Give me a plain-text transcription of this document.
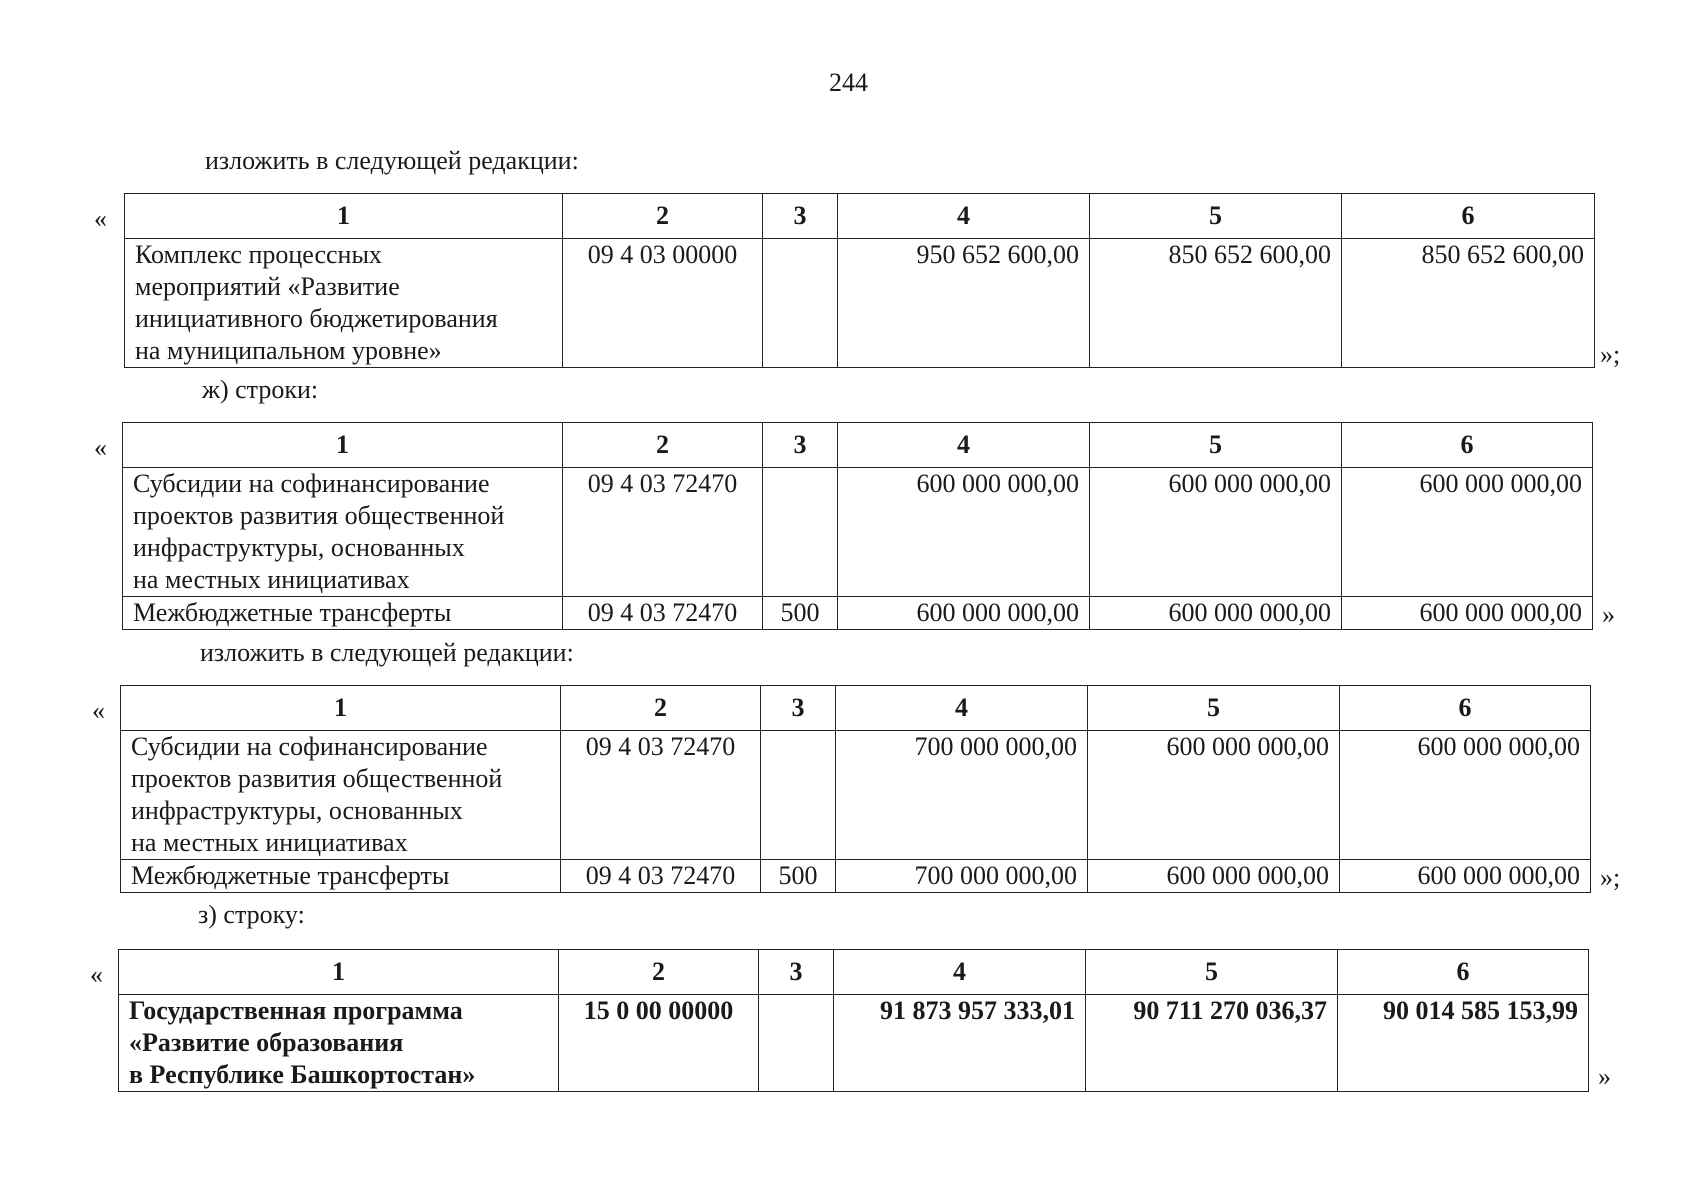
244
изложить в следующей редакции:
«	1	2	3	4	5	6

Комплекс процессных
мероприятий «Развитие
инициативного бюджетирования
на муниципальном уровне»	09 4 03 00000		950 652 600,00	850 652 600,00	850 652 600,00
»;
ж) строки:
«	1	2	3	4	5	6

Субсидии на софинансирование
проектов развития общественной
инфраструктуры, основанных
на местных инициативах	09 4 03 72470		600 000 000,00	600 000 000,00	600 000 000,00

Межбюджетные трансферты	09 4 03 72470	500	600 000 000,00	600 000 000,00	600 000 000,00 »
изложить в следующей редакции:
«	1	2	3	4	5	6

Субсидии на софинансирование
проектов развития общественной
инфраструктуры, основанных
на местных инициативах	09 4 03 72470		700 000 000,00	600 000 000,00	600 000 000,00

Межбюджетные трансферты	09 4 03 72470	500	700 000 000,00	600 000 000,00	600 000 000,00 »;
з) строку:
«	1	2	3	4	5	6

Государственная программа
«Развитие образования
в Республике Башкортостан»	15 0 00 00000		91 873 957 333,01	90 711 270 036,37	90 014 585 153,99
»
